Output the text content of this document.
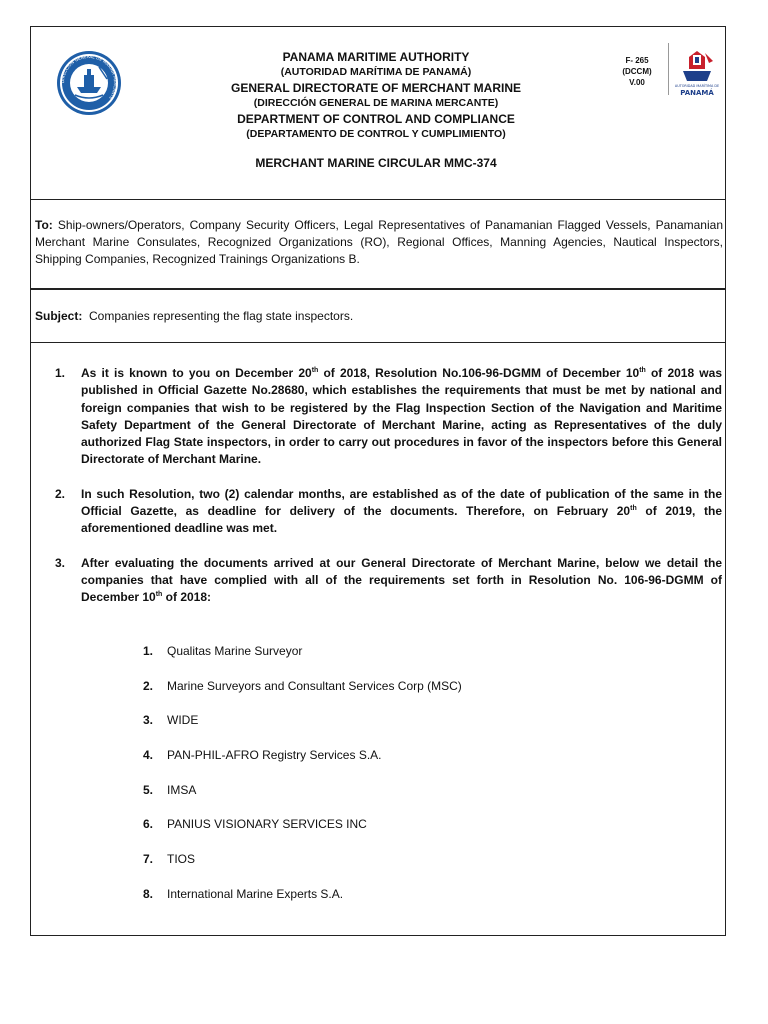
DIRECCIÓN GENERAL DE MARINA MERCANTE
PANAMA MARITIME AUTHORITY
(AUTORIDAD MARÍTIMA DE PANAMÁ)
GENERAL DIRECTORATE OF MERCHANT MARINE
(DIRECCIÓN GENERAL DE MARINA MERCANTE)
DEPARTMENT OF CONTROL AND COMPLIANCE
(DEPARTAMENTO DE CONTROL Y CUMPLIMIENTO)
MERCHANT MARINE CIRCULAR MMC-374
F- 265
(DCCM)
V.00	AUTORIDAD MARÍTIMA DE
PANAMÁ
To: Ship-owners/Operators, Company Security Officers, Legal Representatives of Panamanian Flagged Vessels, Panamanian Merchant Marine Consulates, Recognized Organizations (RO), Regional Offices, Manning Agencies, Nautical Inspectors, Shipping Companies, Recognized Trainings Organizations B.
Subject: Companies representing the flag state inspectors.
1.	As it is known to you on December 20th of 2018, Resolution No.106-96-DGMM of December 10th of 2018 was published in Official Gazette No.28680, which establishes the requirements that must be met by national and foreign companies that wish to be registered by the Flag Inspection Section of the Navigation and Maritime Safety Department of the General Directorate of Merchant Marine, acting as Representatives of the duly authorized Flag State inspectors, in order to carry out procedures in favor of the inspectors before this General Directorate of Merchant Marine.
2.	In such Resolution, two (2) calendar months, are established as of the date of publication of the same in the Official Gazette, as deadline for delivery of the documents. Therefore, on February 20th of 2019, the aforementioned deadline was met.
3.	After evaluating the documents arrived at our General Directorate of Merchant Marine, below we detail the companies that have complied with all of the requirements set forth in Resolution No. 106-96-DGMM of December 10th of 2018:
1.	Qualitas Marine Surveyor
2.	Marine Surveyors and Consultant Services Corp (MSC)
3.	WIDE
4.	PAN-PHIL-AFRO Registry Services S.A.
5.	IMSA
6.	PANIUS VISIONARY SERVICES INC
7.	TIOS
8.	International Marine Experts S.A.
